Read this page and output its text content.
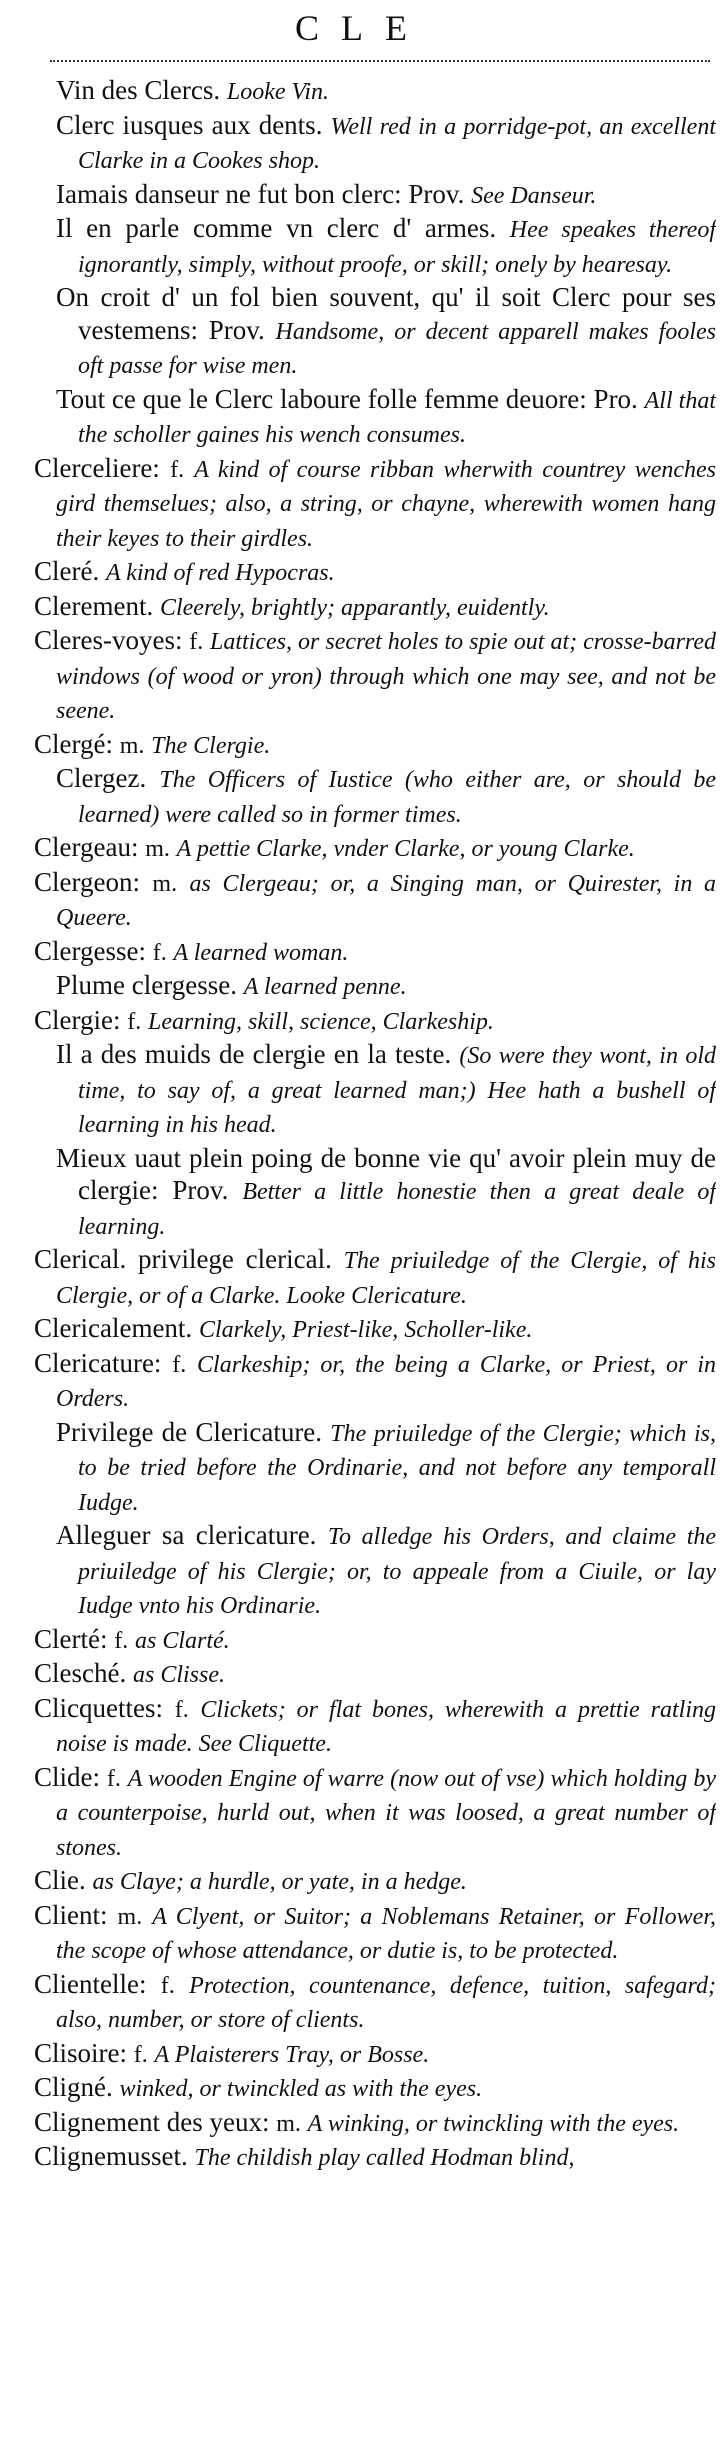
CLE

Vin des Clercs. Looke Vin.

Clerc iusques aux dents. Well red in a porridge-pot, an excellent Clarke in a Cookes shop.

Iamais danseur ne fut bon clerc: Prov. See Danseur.

Il en parle comme vn clerc d' armes. Hee speakes thereof ignorantly, simply, without proofe, or skill; onely by hearesay.

On croit d' un fol bien souvent, qu' il soit Clerc pour ses vestemens: Prov. Handsome, or decent apparell makes fooles oft passe for wise men.

Tout ce que le Clerc laboure folle femme deuore: Pro. All that the scholler gaines his wench consumes.

Clerceliere: f. A kind of course ribban wherwith countrey wenches gird themselues; also, a string, or chayne, wherewith women hang their keyes to their girdles.

Cleré. A kind of red Hypocras.

Clerement. Cleerely, brightly; apparantly, euidently.

Cleres-voyes: f. Lattices, or secret holes to spie out at; crosse-barred windows (of wood or yron) through which one may see, and not be seene.

Clergé: m. The Clergie.

Clergez. The Officers of Iustice (who either are, or should be learned) were called so in former times.

Clergeau: m. A pettie Clarke, vnder Clarke, or young Clarke.

Clergeon: m. as Clergeau; or, a Singing man, or Quirester, in a Queere.

Clergesse: f. A learned woman.

Plume clergesse. A learned penne.

Clergie: f. Learning, skill, science, Clarkeship.

Il a des muids de clergie en la teste. (So were they wont, in old time, to say of, a great learned man;) Hee hath a bushell of learning in his head.

Mieux uaut plein poing de bonne vie qu' avoir plein muy de clergie: Prov. Better a little honestie then a great deale of learning.

Clerical. privilege clerical. The priuiledge of the Clergie, of his Clergie, or of a Clarke. Looke Clericature.

Clericalement. Clarkely, Priest-like, Scholler-like.

Clericature: f. Clarkeship; or, the being a Clarke, or Priest, or in Orders.

Privilege de Clericature. The priuiledge of the Clergie; which is, to be tried before the Ordinarie, and not before any temporall Iudge.

Alleguer sa clericature. To alledge his Orders, and claime the priuiledge of his Clergie; or, to appeale from a Ciuile, or lay Iudge vnto his Ordinarie.

Clerté: f. as Clarté.

Clesché. as Clisse.

Clicquettes: f. Clickets; or flat bones, wherewith a prettie ratling noise is made. See Cliquette.

Clide: f. A wooden Engine of warre (now out of vse) which holding by a counterpoise, hurld out, when it was loosed, a great number of stones.

Clie. as Claye; a hurdle, or yate, in a hedge.

Client: m. A Clyent, or Suitor; a Noblemans Retainer, or Follower, the scope of whose attendance, or dutie is, to be protected.

Clientelle: f. Protection, countenance, defence, tuition, safegard; also, number, or store of clients.

Clisoire: f. A Plaisterers Tray, or Bosse.

Cligné. winked, or twinckled as with the eyes.

Clignement des yeux: m. A winking, or twinckling with the eyes.

Clignemusset. The childish play called Hodman blind,
